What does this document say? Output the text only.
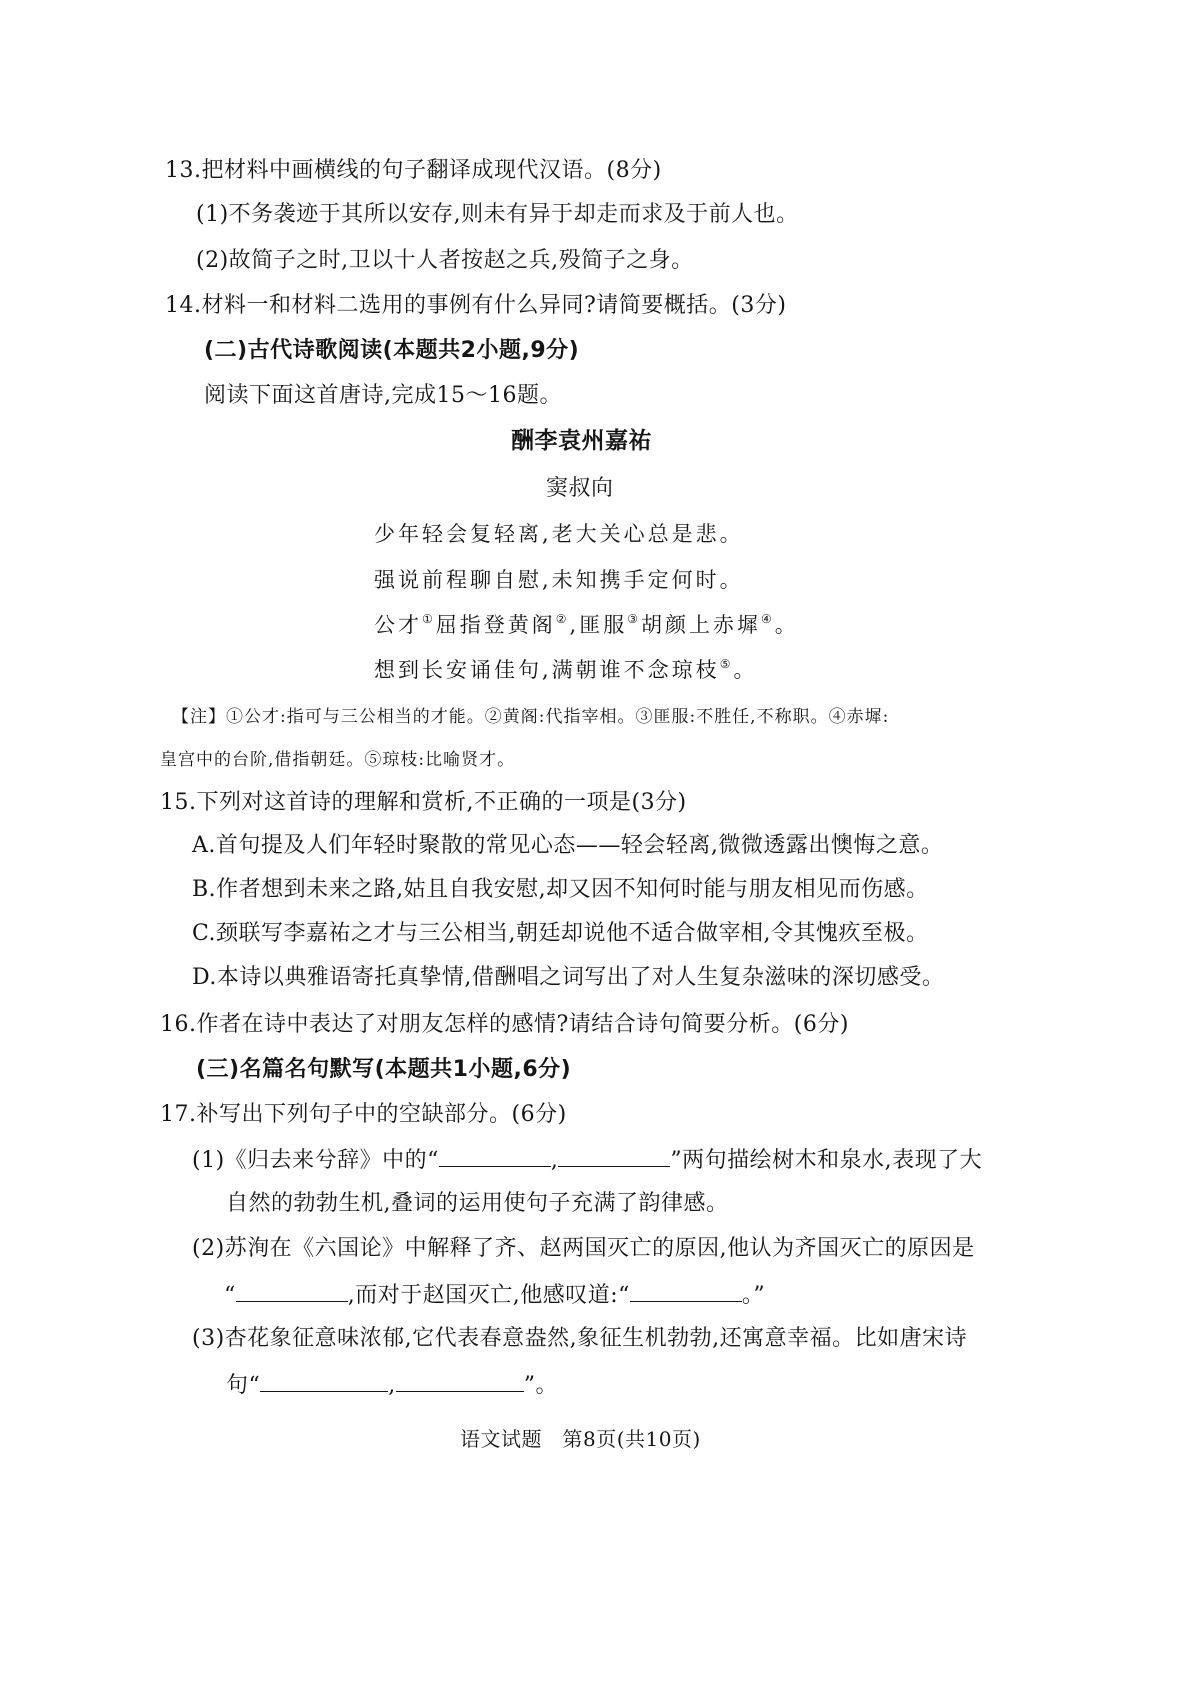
13.把材料中画横线的句子翻译成现代汉语。(8分)
(1)不务袭迹于其所以安存,则未有异于却走而求及于前人也。
(2)故简子之时,卫以十人者按赵之兵,殁简子之身。
14.材料一和材料二选用的事例有什么异同?请简要概括。(3分)
(二)古代诗歌阅读(本题共2小题,9分)
阅读下面这首唐诗,完成15～16题。
酬李袁州嘉祐
窦叔向
少年轻会复轻离,老大关心总是悲。
强说前程聊自慰,未知携手定何时。
公才①屈指登黄阁②,匪服③胡颜上赤墀④。
想到长安诵佳句,满朝谁不念琼枝⑤。
【注】①公才:指可与三公相当的才能。②黄阁:代指宰相。③匪服:不胜任,不称职。④赤墀:
皇宫中的台阶,借指朝廷。⑤琼枝:比喻贤才。
15.下列对这首诗的理解和赏析,不正确的一项是(3分)
A.首句提及人们年轻时聚散的常见心态——轻会轻离,微微透露出懊悔之意。
B.作者想到未来之路,姑且自我安慰,却又因不知何时能与朋友相见而伤感。
C.颈联写李嘉祐之才与三公相当,朝廷却说他不适合做宰相,令其愧疚至极。
D.本诗以典雅语寄托真挚情,借酬唱之词写出了对人生复杂滋味的深切感受。
16.作者在诗中表达了对朋友怎样的感情?请结合诗句简要分析。(6分)
(三)名篇名句默写(本题共1小题,6分)
17.补写出下列句子中的空缺部分。(6分)
(1)《归去来兮辞》中的“	,	”两句描绘树木和泉水,表现了大
自然的勃勃生机,叠词的运用使句子充满了韵律感。
(2)苏洵在《六国论》中解释了齐、赵两国灭亡的原因,他认为齐国灭亡的原因是
“	,而对于赵国灭亡,他感叹道:“	。”
(3)杏花象征意味浓郁,它代表春意盎然,象征生机勃勃,还寓意幸福。比如唐宋诗
句“	,	”。
语文试题　第8页(共10页)
